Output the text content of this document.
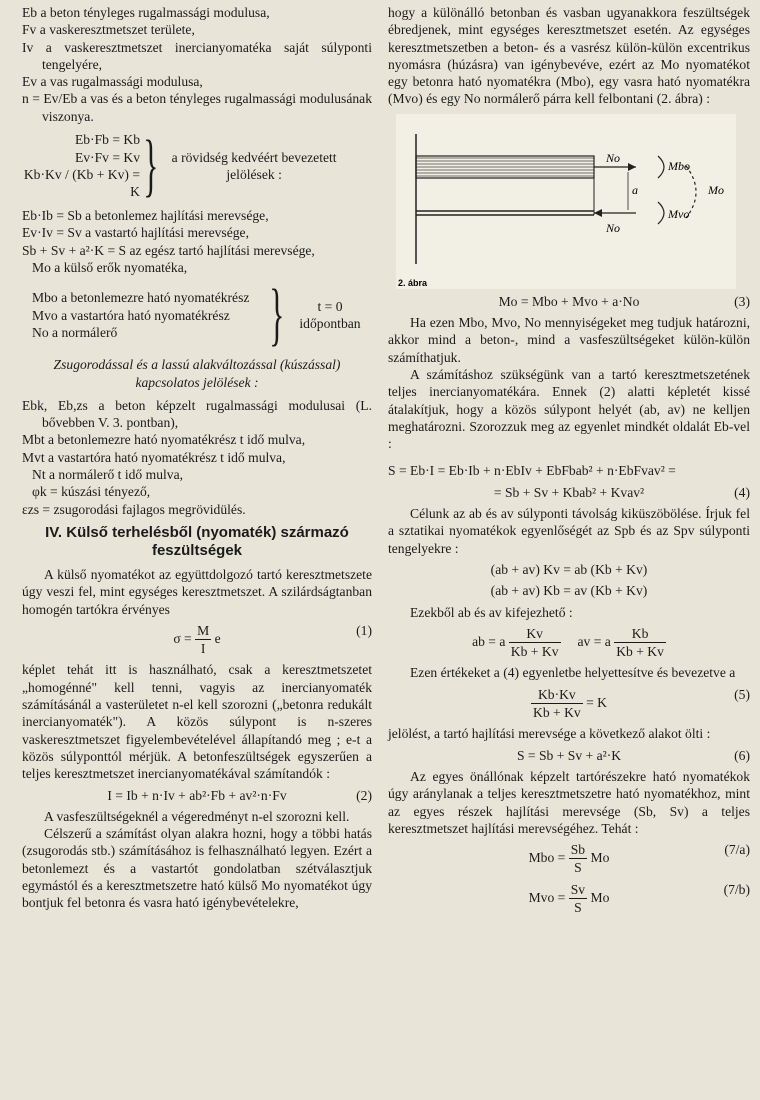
Eb a beton tényleges rugalmassági modulusa,

Fv a vaskeresztmetszet területe,

Iv a vaskeresztmetszet inercianyomatéka saját súlyponti tengelyére,

Ev a vas rugalmassági modulusa,

n = Ev/Eb a vas és a beton tényleges rugalmassági modulusának viszonya.

Eb·Fb = Kb
Ev·Fv = Kv
Kb·Kv / (Kb + Kv) = K } a rövidség kedvéért bevezetett jelölések :

Eb·Ib = Sb a betonlemez hajlítási merevsége,

Ev·Iv = Sv a vastartó hajlítási merevsége,

Sb + Sv + a²·K = S az egész tartó hajlítási merevsége,

Mo a külső erők nyomatéka,

Mbo a betonlemezre ható nyomatékrész

Mvo a vastartóra ható nyomatékrész

No a normálerő	}	t = 0 időpontban

Zsugorodással és a lassú alakváltozással (kúszással) kapcsolatos jelölések :

Ebk, Eb,zs a beton képzelt rugalmassági modulusai (L. bővebben V. 3. pontban),

Mbt a betonlemezre ható nyomatékrész t idő mulva,

Mvt a vastartóra ható nyomatékrész t idő mulva,

Nt a normálerő t idő mulva,

φk = kúszási tényező,

εzs = zsugorodási fajlagos megrövidülés.

IV. Külső terhelésből (nyomaték) származó feszültségek

A külső nyomatékot az együttdolgozó tartó keresztmetszete úgy veszi fel, mint egységes keresztmetszet. A szilárdságtanban homogén tartókra érvényes

$\sigma = \frac{M}{I}$ e
(1)

képlet tehát itt is használható, csak a keresztmetszetet „homogénné" kell tenni, vagyis az inercianyomaték számításánál a vasterületet n-el kell szorozni („betonra redukált inercianyomaték"). A közös súlypont is n-szeres vaskeresztmetszet figyelembevételével állapítandó meg ; e-t a közös súlyponttól mérjük. A betonfeszültségek egyszerűen a teljes keresztmetszet inercianyomatékával számítandók :

I = Ib + n·Iv + ab²·Fb + av²·n·Fv	(2)

A vasfeszültségeknél a végeredményt n-el szorozni kell.

Célszerű a számítást olyan alakra hozni, hogy a többi hatás (zsugorodás stb.) számításához is felhasználható legyen. Ezért a betonlemezt és a vastartót gondolatban szétválasztjuk egymástól és a keresztmetszetre ható külső Mo nyomatékot úgy bontjuk fel betonra és vasra ható igénybevételekre,

hogy a különálló betonban és vasban ugyanakkora feszültségek ébredjenek, mint egységes keresztmetszet esetén. Az egységes keresztmetszetben a beton- és a vasrész külön-külön excentrikus nyomásra (húzásra) van igénybevéve, ezért az Mo nyomatékot egy betonra ható nyomatékra (Mbo), egy vasra ható nyomatékra (Mvo) és egy No normálerő párra kell felbontani (2. ábra) :

No
No
a
Mbo
Mvo
Mo
2. ábra
Mo = Mbo + Mvo + a·No	(3)

Ha ezen Mbo, Mvo, No mennyiségeket meg tudjuk határozni, akkor mind a beton-, mind a vasfeszültségeket külön-külön számíthatjuk.

A számításhoz szükségünk van a tartó keresztmetszetének teljes inercianyomatékára. Ennek (2) alatti képletét kissé átalakítjuk, hogy a közös súlypont helyét (ab, av) ne kelljen meghatározni. Szorozzuk meg az egyenlet mindkét oldalát Eb-vel :

S = Eb·I = Eb·Ib + n·EbIv + EbFbab² + n·EbFvav² =
= Sb + Sv + Kbab² + Kvav²	(4)

Célunk az ab és av súlyponti távolság kiküszöbölése. Írjuk fel a sztatikai nyomatékok egyenlőségét az Spb és az Spv súlyponti tengelyekre :

(ab + av) Kv = ab (Kb + Kv)
(ab + av) Kb = av (Kb + Kv)

Ezekből ab és av kifejezhető :

ab = a $\frac{Kv}{Kb + Kv}$ av = a $\frac{Kb}{Kb + Kv}$

Ezen értékeket a (4) egyenletbe helyettesítve és bevezetve a

$\frac{Kb\cdot Kv}{Kb + Kv} = K$
(5)

jelölést, a tartó hajlítási merevsége a következő alakot ölti :

S = Sb + Sv + a²·K	(6)

Az egyes önállónak képzelt tartórészekre ható nyomatékok úgy aránylanak a teljes keresztmetszetre ható nyomatékhoz, mint az egyes részek hajlítási merevsége (Sb, Sv) a teljes keresztmetszet hajlítási merevségéhez. Tehát :

Mbo = $\frac{Sb}{S}$ Mo
(7/a)
Mvo = $\frac{Sv}{S}$ Mo
(7/b)
